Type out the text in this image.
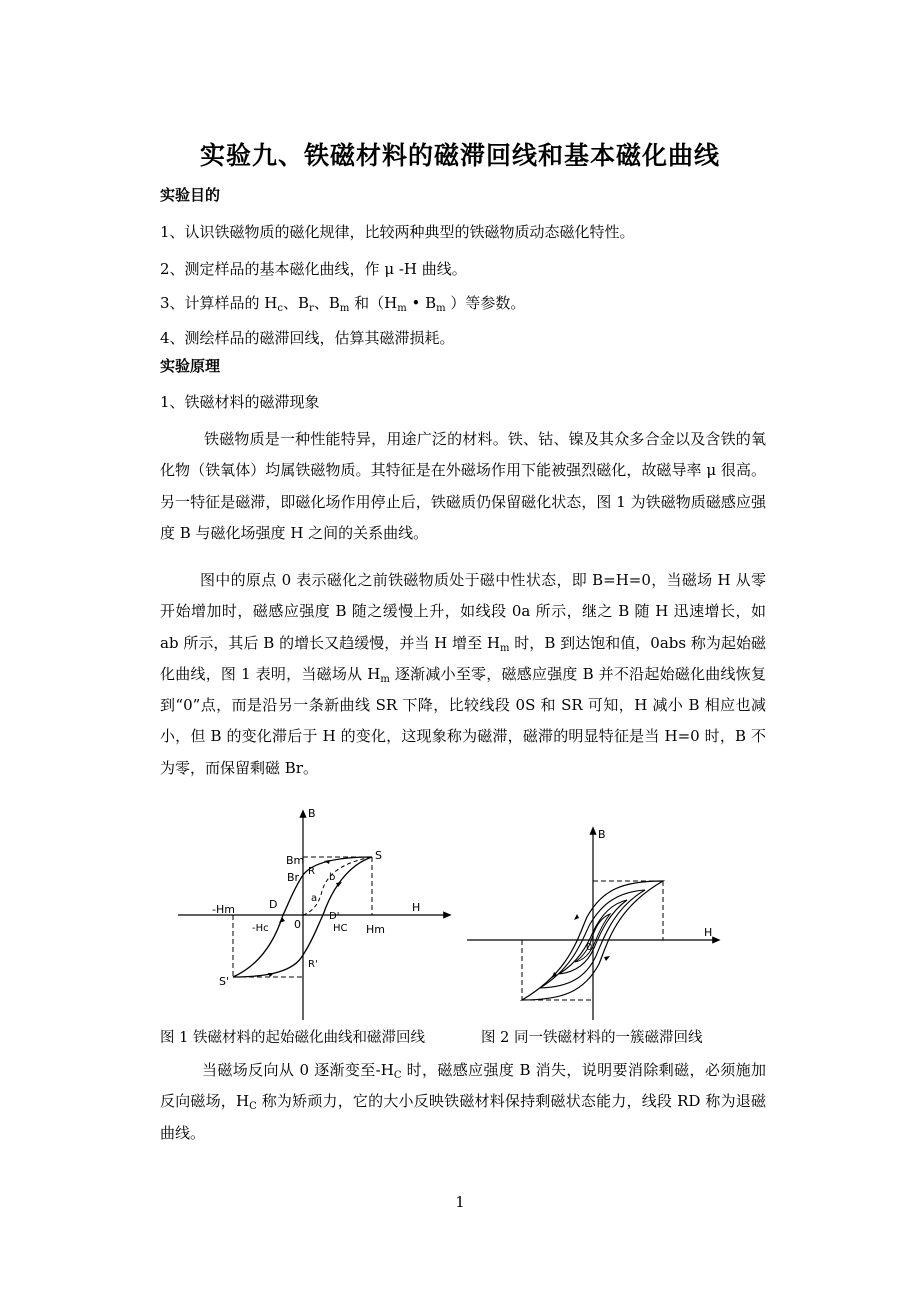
实验九、铁磁材料的磁滞回线和基本磁化曲线
实验目的
1、认识铁磁物质的磁化规律，比较两种典型的铁磁物质动态磁化特性。
2、测定样品的基本磁化曲线，作 μ -H 曲线。
3、计算样品的 $H_c$、$B_r$、$B_m$ 和（$H_m$ • $B_m$ ）等参数。
4、测绘样品的磁滞回线，估算其磁滞损耗。
实验原理
1、铁磁材料的磁滞现象
铁磁物质是一种性能特异，用途广泛的材料。铁、钴、镍及其众多合金以及含铁的氧化物（铁氧体）均属铁磁物质。其特征是在外磁场作用下能被强烈磁化，故磁导率 μ 很高。另一特征是磁滞，即磁化场作用停止后，铁磁质仍保留磁化状态，图 1 为铁磁物质磁感应强度 B 与磁化场强度 H 之间的关系曲线。
图中的原点 0 表示磁化之前铁磁物质处于磁中性状态，即 B=H=0，当磁场 H 从零开始增加时，磁感应强度 B 随之缓慢上升，如线段 0a 所示，继之 B 随 H 迅速增长，如 ab 所示，其后 B 的增长又趋缓慢，并当 H 增至 $H_m$ 时，B 到达饱和值，0abs 称为起始磁化曲线，图 1 表明，当磁场从 $H_m$ 逐渐减小至零，磁感应强度 B 并不沿起始磁化曲线恢复到“0”点，而是沿另一条新曲线 SR 下降，比较线段 0S 和 SR 可知，H 减小 B 相应也减小，但 B 的变化滞后于 H 的变化，这现象称为磁滞，磁滞的明显特征是当 H=0 时，B 不为零，而保留剩磁 Br。
B
Bm
Br R
S
b
a
D
D'
-Hm
-Hc 0	HC Hm
H
R'
S'
B
H
0
图 1 铁磁材料的起始磁化曲线和磁滞回线	图 2 同一铁磁材料的一簇磁滞回线
当磁场反向从 0 逐渐变至$-H_C$ 时，磁感应强度 B 消失，说明要消除剩磁，必须施加反向磁场，$H_C$ 称为矫顽力，它的大小反映铁磁材料保持剩磁状态能力，线段 RD 称为退磁曲线。
1
